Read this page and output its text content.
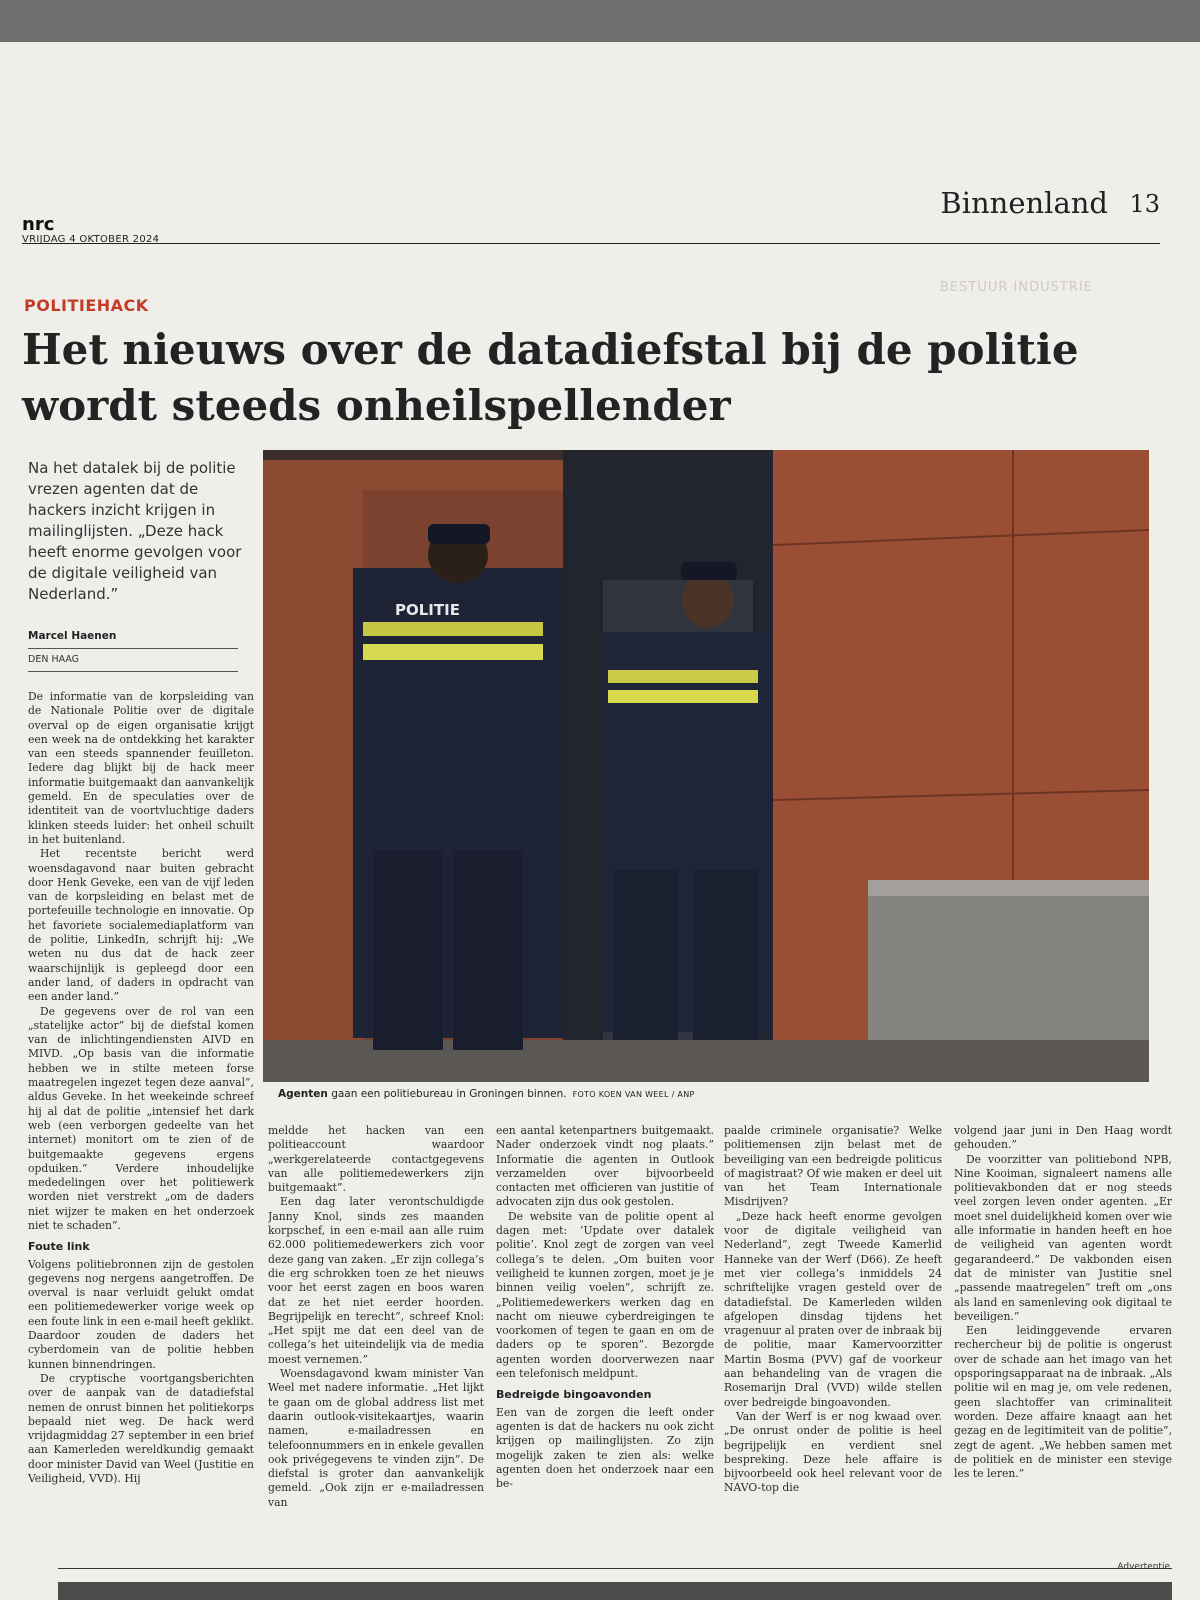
nrc
VRIJDAG 4 OKTOBER 2024
Binnenland 13
BESTUUR INDUSTRIE
POLITIEHACK
Het nieuws over de datadiefstal bij de politie wordt steeds onheilspellender
Na het datalek bij de politie vrezen agenten dat de hackers inzicht krijgen in mailinglijsten. „Deze hack heeft enorme gevolgen voor de digitale veiligheid van Nederland.”
Marcel Haenen
DEN HAAG
POLITIE
Agenten gaan een politiebureau in Groningen binnen. FOTO KOEN VAN WEEL / ANP

De informatie van de korpsleiding van de Nationale Politie over de digitale overval op de eigen organisatie krijgt een week na de ontdekking het karakter van een steeds spannender feuilleton. Iedere dag blijkt bij de hack meer informatie buitgemaakt dan aanvankelijk gemeld. En de speculaties over de identiteit van de voortvluchtige daders klinken steeds luider: het onheil schuilt in het buitenland.

Het recentste bericht werd woensdagavond naar buiten gebracht door Henk Geveke, een van de vijf leden van de korpsleiding en belast met de portefeuille technologie en innovatie. Op het favoriete socialemediaplatform van de politie, LinkedIn, schrijft hij: „We weten nu dus dat de hack zeer waarschijnlijk is gepleegd door een ander land, of daders in opdracht van een ander land.”

De gegevens over de rol van een „statelijke actor” bij de diefstal komen van de inlichtingendiensten AIVD en MIVD. „Op basis van die informatie hebben we in stilte meteen forse maatregelen ingezet tegen deze aanval”, aldus Geveke. In het weekeinde schreef hij al dat de politie „intensief het dark web (een verborgen gedeelte van het internet) monitort om te zien of de buitgemaakte gegevens ergens opduiken.” Verdere inhoudelijke mededelingen over het politiewerk worden niet verstrekt „om de daders niet wijzer te maken en het onderzoek niet te schaden”.

Foute link

Volgens politiebronnen zijn de gestolen gegevens nog nergens aangetroffen. De overval is naar verluidt gelukt omdat een politiemedewerker vorige week op een foute link in een e-mail heeft geklikt. Daardoor zouden de daders het cyberdomein van de politie hebben kunnen binnendringen.

De cryptische voortgangsberichten over de aanpak van de datadiefstal nemen de onrust binnen het politiekorps bepaald niet weg. De hack werd vrijdagmiddag 27 september in een brief aan Kamerleden wereldkundig gemaakt door minister David van Weel (Justitie en Veiligheid, VVD). Hij

meldde het hacken van een politieaccount waardoor „werkgerelateerde contactgegevens van alle politiemedewerkers zijn buitgemaakt”.

Een dag later verontschuldigde Janny Knol, sinds zes maanden korpschef, in een e-mail aan alle ruim 62.000 politiemedewerkers zich voor deze gang van zaken. „Er zijn collega’s die erg schrokken toen ze het nieuws voor het eerst zagen en boos waren dat ze het niet eerder hoorden. Begrijpelijk en terecht”, schreef Knol: „Het spijt me dat een deel van de collega’s het uiteindelijk via de media moest vernemen.”

Woensdagavond kwam minister Van Weel met nadere informatie. „Het lijkt te gaan om de global address list met daarin outlook-visitekaartjes, waarin namen, e-mailadressen en telefoonnummers en in enkele gevallen ook privégegevens te vinden zijn”. De diefstal is groter dan aanvankelijk gemeld. „Ook zijn er e-mailadressen van

een aantal ketenpartners buitgemaakt. Nader onderzoek vindt nog plaats.” Informatie die agenten in Outlook verzamelden over bijvoorbeeld contacten met officieren van justitie of advocaten zijn dus ook gestolen.

De website van de politie opent al dagen met: ‘Update over datalek politie’. Knol zegt de zorgen van veel collega’s te delen. „Om buiten voor veiligheid te kunnen zorgen, moet je je binnen veilig voelen”, schrijft ze. „Politiemedewerkers werken dag en nacht om nieuwe cyberdreigingen te voorkomen of tegen te gaan en om de daders op te sporen”. Bezorgde agenten worden doorverwezen naar een telefonisch meldpunt.

Bedreigde bingoavonden

Een van de zorgen die leeft onder agenten is dat de hackers nu ook zicht krijgen op mailinglijsten. Zo zijn mogelijk zaken te zien als: welke agenten doen het onderzoek naar een be-

paalde criminele organisatie? Welke politiemensen zijn belast met de beveiliging van een bedreigde politicus of magistraat? Of wie maken er deel uit van het Team Internationale Misdrijven?

„Deze hack heeft enorme gevolgen voor de digitale veiligheid van Nederland”, zegt Tweede Kamerlid Hanneke van der Werf (D66). Ze heeft met vier collega’s inmiddels 24 schriftelijke vragen gesteld over de datadiefstal. De Kamerleden wilden afgelopen dinsdag tijdens het vragenuur al praten over de inbraak bij de politie, maar Kamervoorzitter Martin Bosma (PVV) gaf de voorkeur aan behandeling van de vragen die Rosemarijn Dral (VVD) wilde stellen over bedreigde bingoavonden.

Van der Werf is er nog kwaad over. „De onrust onder de politie is heel begrijpelijk en verdient snel bespreking. Deze hele affaire is bijvoorbeeld ook heel relevant voor de NAVO-top die

volgend jaar juni in Den Haag wordt gehouden.”

De voorzitter van politiebond NPB, Nine Kooiman, signaleert namens alle politievakbonden dat er nog steeds veel zorgen leven onder agenten. „Er moet snel duidelijkheid komen over wie alle informatie in handen heeft en hoe de veiligheid van agenten wordt gegarandeerd.” De vakbonden eisen dat de minister van Justitie snel „passende maatregelen” treft om „ons als land en samenleving ook digitaal te beveiligen.”

Een leidinggevende ervaren rechercheur bij de politie is ongerust over de schade aan het imago van het opsporingsapparaat na de inbraak. „Als politie wil en mag je, om vele redenen, geen slachtoffer van criminaliteit worden. Deze affaire knaagt aan het gezag en de legitimiteit van de politie”, zegt de agent. „We hebben samen met de politiek en de minister een stevige les te leren.”

Advertentie
